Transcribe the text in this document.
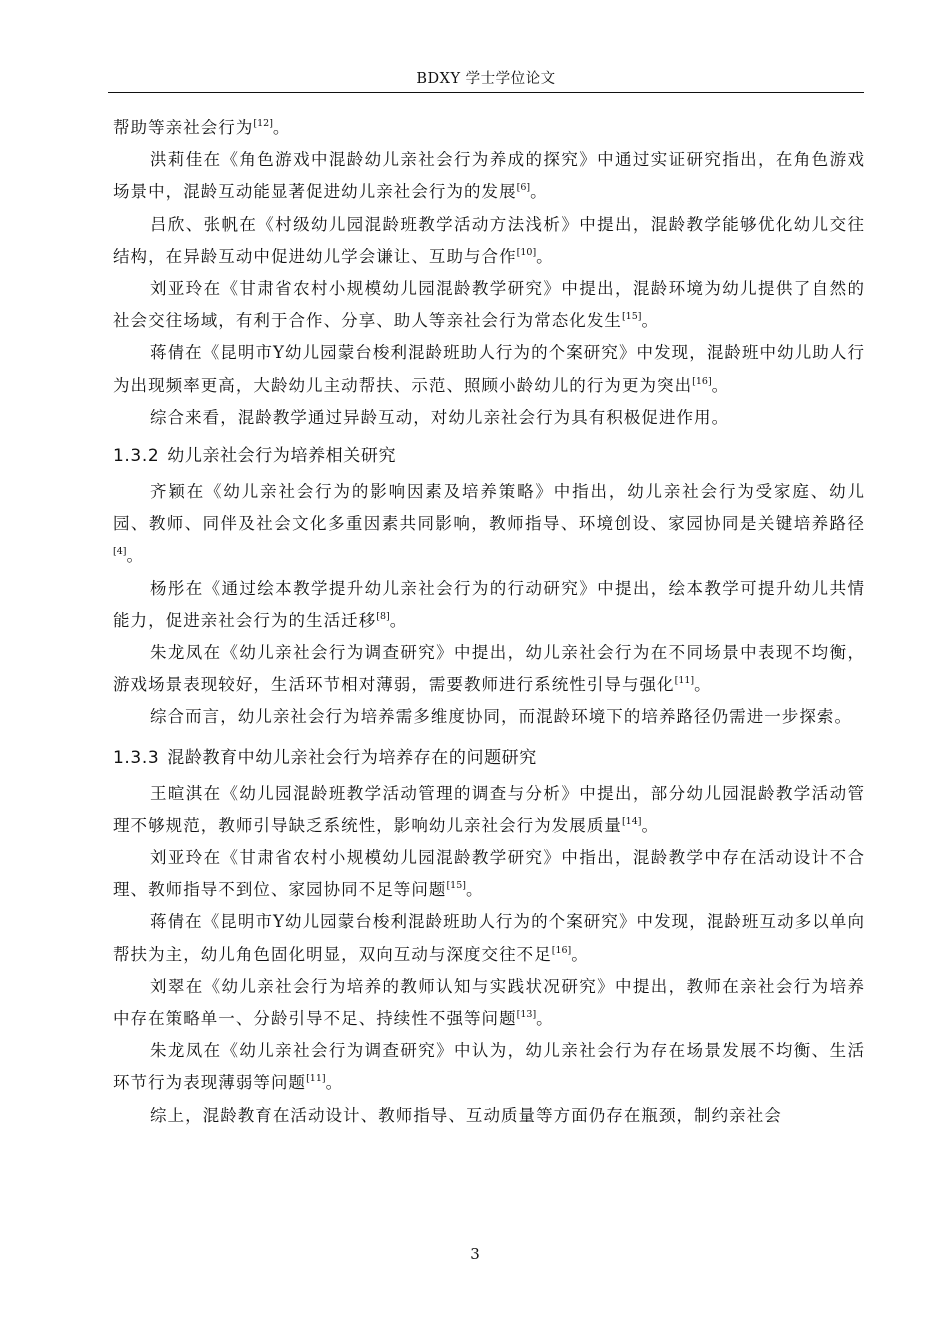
BDXY 学士学位论文

帮助等亲社会行为[12]。

洪莉佳在《角色游戏中混龄幼儿亲社会行为养成的探究》中通过实证研究指出，在角色游戏场景中，混龄互动能显著促进幼儿亲社会行为的发展[6]。

吕欣、张帆在《村级幼儿园混龄班教学活动方法浅析》中提出，混龄教学能够优化幼儿交往结构，在异龄互动中促进幼儿学会谦让、互助与合作[10]。

刘亚玲在《甘肃省农村小规模幼儿园混龄教学研究》中提出，混龄环境为幼儿提供了自然的社会交往场域，有利于合作、分享、助人等亲社会行为常态化发生[15]。

蒋倩在《昆明市Y幼儿园蒙台梭利混龄班助人行为的个案研究》中发现，混龄班中幼儿助人行为出现频率更高，大龄幼儿主动帮扶、示范、照顾小龄幼儿的行为更为突出[16]。

综合来看，混龄教学通过异龄互动，对幼儿亲社会行为具有积极促进作用。

1.3.2 幼儿亲社会行为培养相关研究

齐颖在《幼儿亲社会行为的影响因素及培养策略》中指出，幼儿亲社会行为受家庭、幼儿园、教师、同伴及社会文化多重因素共同影响，教师指导、环境创设、家园协同是关键培养路径[4]。

杨彤在《通过绘本教学提升幼儿亲社会行为的行动研究》中提出，绘本教学可提升幼儿共情能力，促进亲社会行为的生活迁移[8]。

朱龙凤在《幼儿亲社会行为调查研究》中提出，幼儿亲社会行为在不同场景中表现不均衡，游戏场景表现较好，生活环节相对薄弱，需要教师进行系统性引导与强化[11]。

综合而言，幼儿亲社会行为培养需多维度协同，而混龄环境下的培养路径仍需进一步探索。

1.3.3 混龄教育中幼儿亲社会行为培养存在的问题研究

王暄淇在《幼儿园混龄班教学活动管理的调查与分析》中提出，部分幼儿园混龄教学活动管理不够规范，教师引导缺乏系统性，影响幼儿亲社会行为发展质量[14]。

刘亚玲在《甘肃省农村小规模幼儿园混龄教学研究》中指出，混龄教学中存在活动设计不合理、教师指导不到位、家园协同不足等问题[15]。

蒋倩在《昆明市Y幼儿园蒙台梭利混龄班助人行为的个案研究》中发现，混龄班互动多以单向帮扶为主，幼儿角色固化明显，双向互动与深度交往不足[16]。

刘翠在《幼儿亲社会行为培养的教师认知与实践状况研究》中提出，教师在亲社会行为培养中存在策略单一、分龄引导不足、持续性不强等问题[13]。

朱龙凤在《幼儿亲社会行为调查研究》中认为，幼儿亲社会行为存在场景发展不均衡、生活环节行为表现薄弱等问题[11]。

综上，混龄教育在活动设计、教师指导、互动质量等方面仍存在瓶颈，制约亲社会

3
